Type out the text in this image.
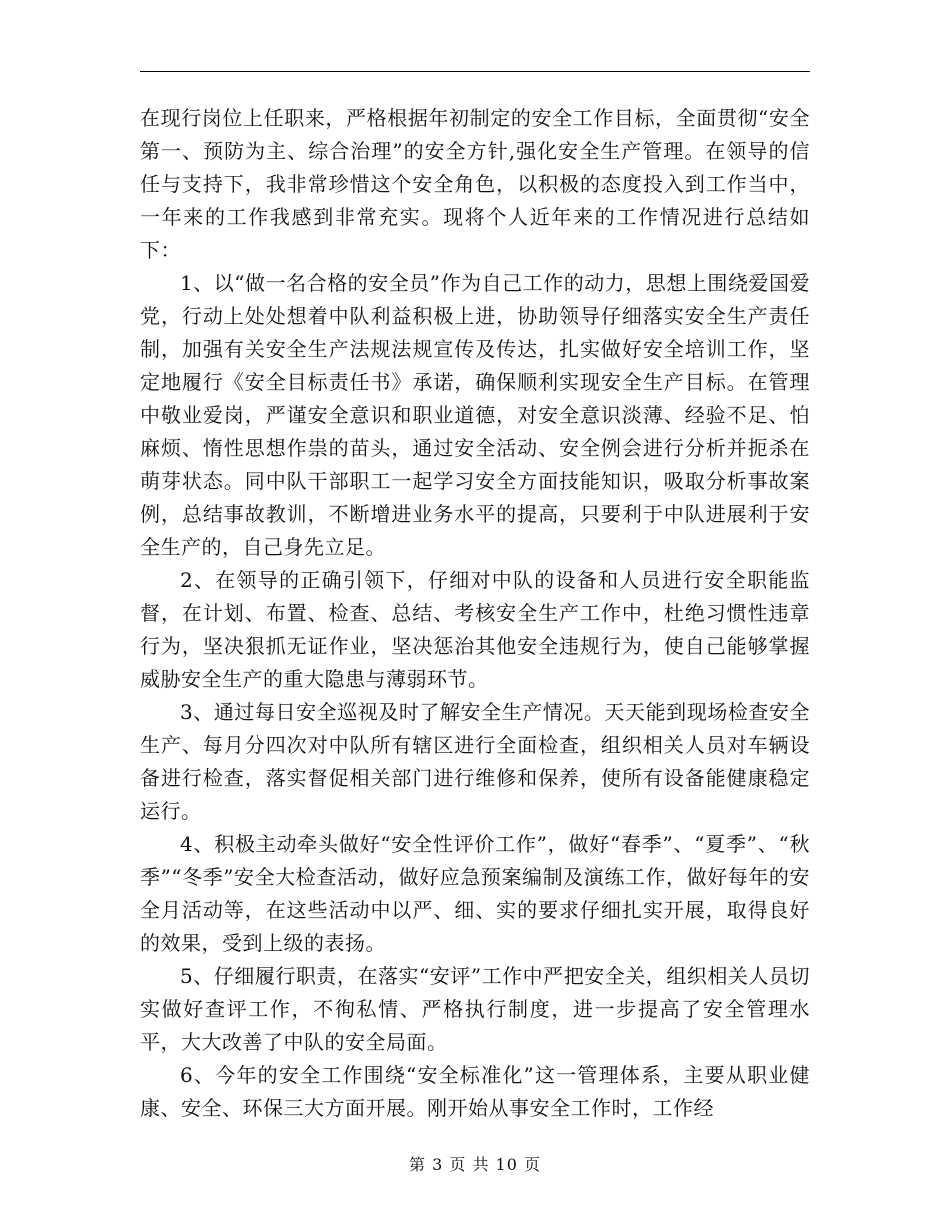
在现行岗位上任职来，严格根据年初制定的安全工作目标，全面贯彻“安全第一、预防为主、综合治理”的安全方针,强化安全生产管理。在领导的信任与支持下，我非常珍惜这个安全角色，以积极的态度投入到工作当中，一年来的工作我感到非常充实。现将个人近年来的工作情况进行总结如下：

1、以“做一名合格的安全员”作为自己工作的动力，思想上围绕爱国爱党，行动上处处想着中队利益积极上进，协助领导仔细落实安全生产责任制，加强有关安全生产法规法规宣传及传达，扎实做好安全培训工作，坚定地履行《安全目标责任书》承诺，确保顺利实现安全生产目标。在管理中敬业爱岗，严谨安全意识和职业道德，对安全意识淡薄、经验不足、怕麻烦、惰性思想作祟的苗头，通过安全活动、安全例会进行分析并扼杀在萌芽状态。同中队干部职工一起学习安全方面技能知识，吸取分析事故案例，总结事故教训，不断增进业务水平的提高，只要利于中队进展利于安全生产的，自己身先立足。

2、在领导的正确引领下，仔细对中队的设备和人员进行安全职能监督，在计划、布置、检查、总结、考核安全生产工作中，杜绝习惯性违章行为，坚决狠抓无证作业，坚决惩治其他安全违规行为，使自己能够掌握威胁安全生产的重大隐患与薄弱环节。

3、通过每日安全巡视及时了解安全生产情况。天天能到现场检查安全生产、每月分四次对中队所有辖区进行全面检查，组织相关人员对车辆设备进行检查，落实督促相关部门进行维修和保养，使所有设备能健康稳定运行。

4、积极主动牵头做好“安全性评价工作”，做好“春季”、“夏季”、“秋季”“冬季”安全大检查活动，做好应急预案编制及演练工作，做好每年的安全月活动等，在这些活动中以严、细、实的要求仔细扎实开展，取得良好的效果，受到上级的表扬。

5、仔细履行职责，在落实“安评”工作中严把安全关，组织相关人员切实做好查评工作，不徇私情、严格执行制度，进一步提高了安全管理水平，大大改善了中队的安全局面。

6、今年的安全工作围绕“安全标准化”这一管理体系，主要从职业健康、安全、环保三大方面开展。刚开始从事安全工作时，工作经

第 3 页 共 10 页
